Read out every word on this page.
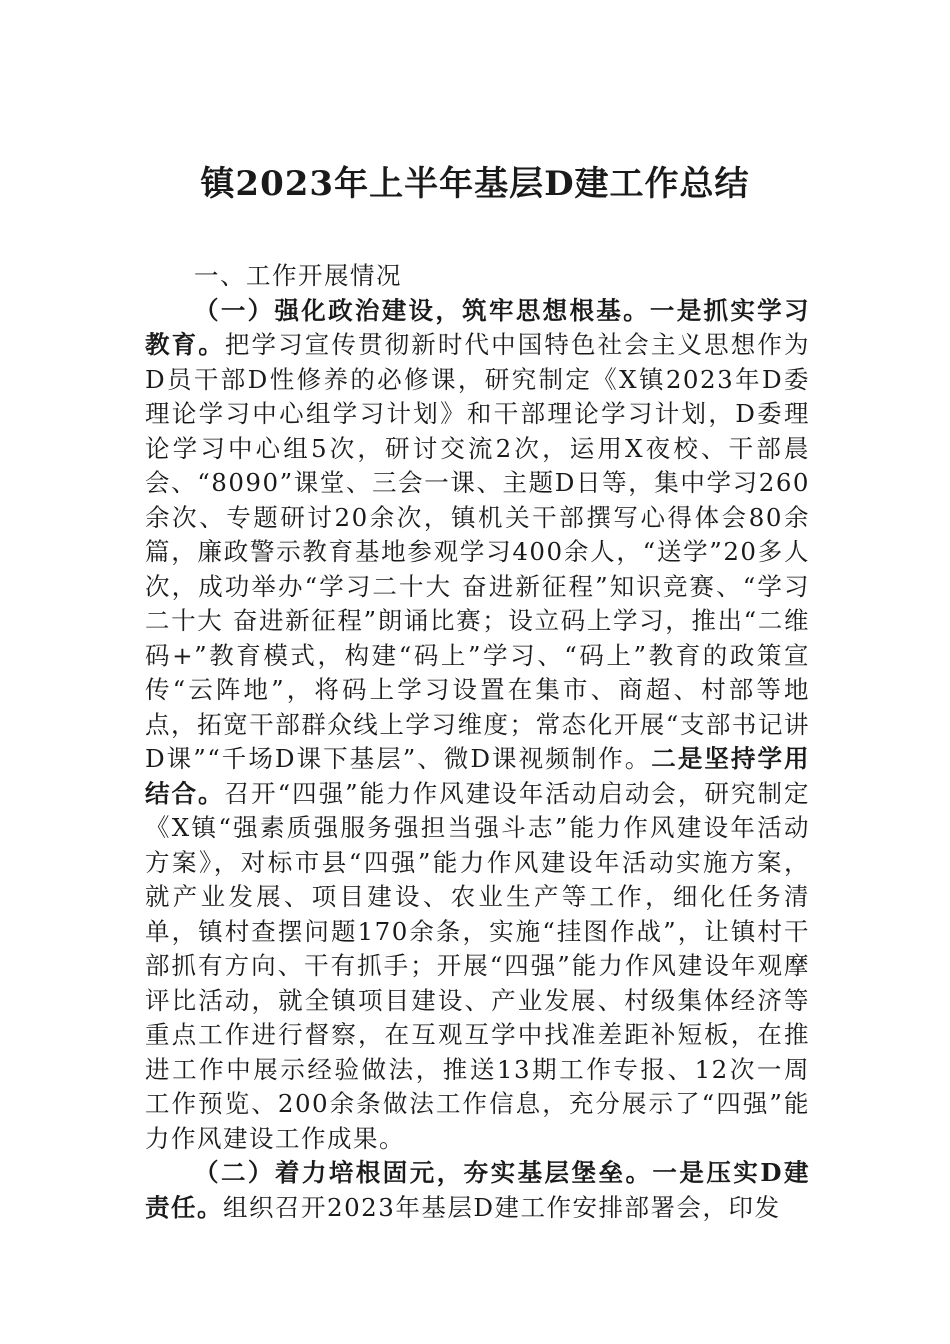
镇2023年上半年基层D建工作总结

一、工作开展情况

（一）强化政治建设，筑牢思想根基。一是抓实学习教育。把学习宣传贯彻新时代中国特色社会主义思想作为D员干部D性修养的必修课，研究制定《X镇2023年D委理论学习中心组学习计划》和干部理论学习计划，D委理论学习中心组5次，研讨交流2次，运用X夜校、干部晨会、“8090”课堂、三会一课、主题D日等，集中学习260余次、专题研讨20余次，镇机关干部撰写心得体会80余篇，廉政警示教育基地参观学习400余人，“送学”20多人次，成功举办“学习二十大 奋进新征程”知识竞赛、“学习二十大 奋进新征程”朗诵比赛；设立码上学习，推出“二维码+”教育模式，构建“码上”学习、“码上”教育的政策宣传“云阵地”，将码上学习设置在集市、商超、村部等地点，拓宽干部群众线上学习维度；常态化开展“支部书记讲D课”“千场D课下基层”、微D课视频制作。二是坚持学用结合。召开“四强”能力作风建设年活动启动会，研究制定《X镇“强素质强服务强担当强斗志”能力作风建设年活动方案》，对标市县“四强”能力作风建设年活动实施方案，就产业发展、项目建设、农业生产等工作，细化任务清单，镇村查摆问题170余条，实施“挂图作战”，让镇村干部抓有方向、干有抓手；开展“四强”能力作风建设年观摩评比活动，就全镇项目建设、产业发展、村级集体经济等重点工作进行督察，在互观互学中找准差距补短板，在推进工作中展示经验做法，推送13期工作专报、12次一周工作预览、200余条做法工作信息，充分展示了“四强”能力作风建设工作成果。

（二）着力培根固元，夯实基层堡垒。一是压实D建责任。组织召开2023年基层D建工作安排部署会，印发
